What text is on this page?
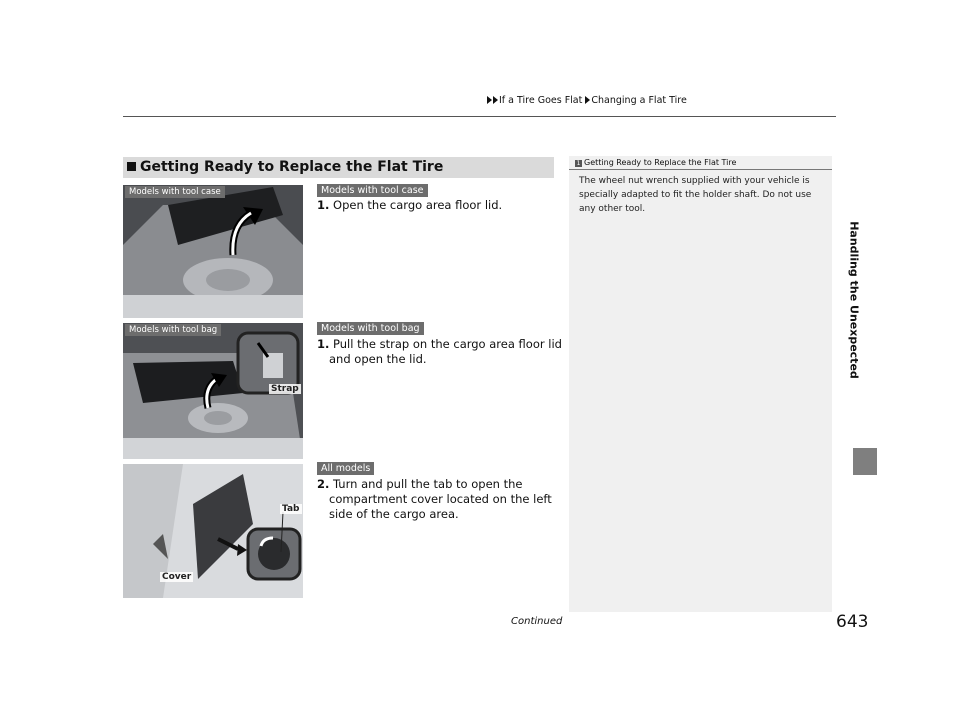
If a Tire Goes Flat Changing a Flat Tire
Handling the Unexpected
Getting Ready to Replace the Flat Tire	1 Getting Ready to Replace the Flat Tire
The wheel nut wrench supplied with your vehicle is specially adapted to fit the holder shaft. Do not use any other tool.
Models with tool case
Models with tool bag
Strap
Tab
Cover
Models with tool case
1. Open the cargo area floor lid.
Models with tool bag
1. Pull the strap on the cargo area floor lid and open the lid.
All models
2. Turn and pull the tab to open the compartment cover located on the left side of the cargo area.
Continued	643
